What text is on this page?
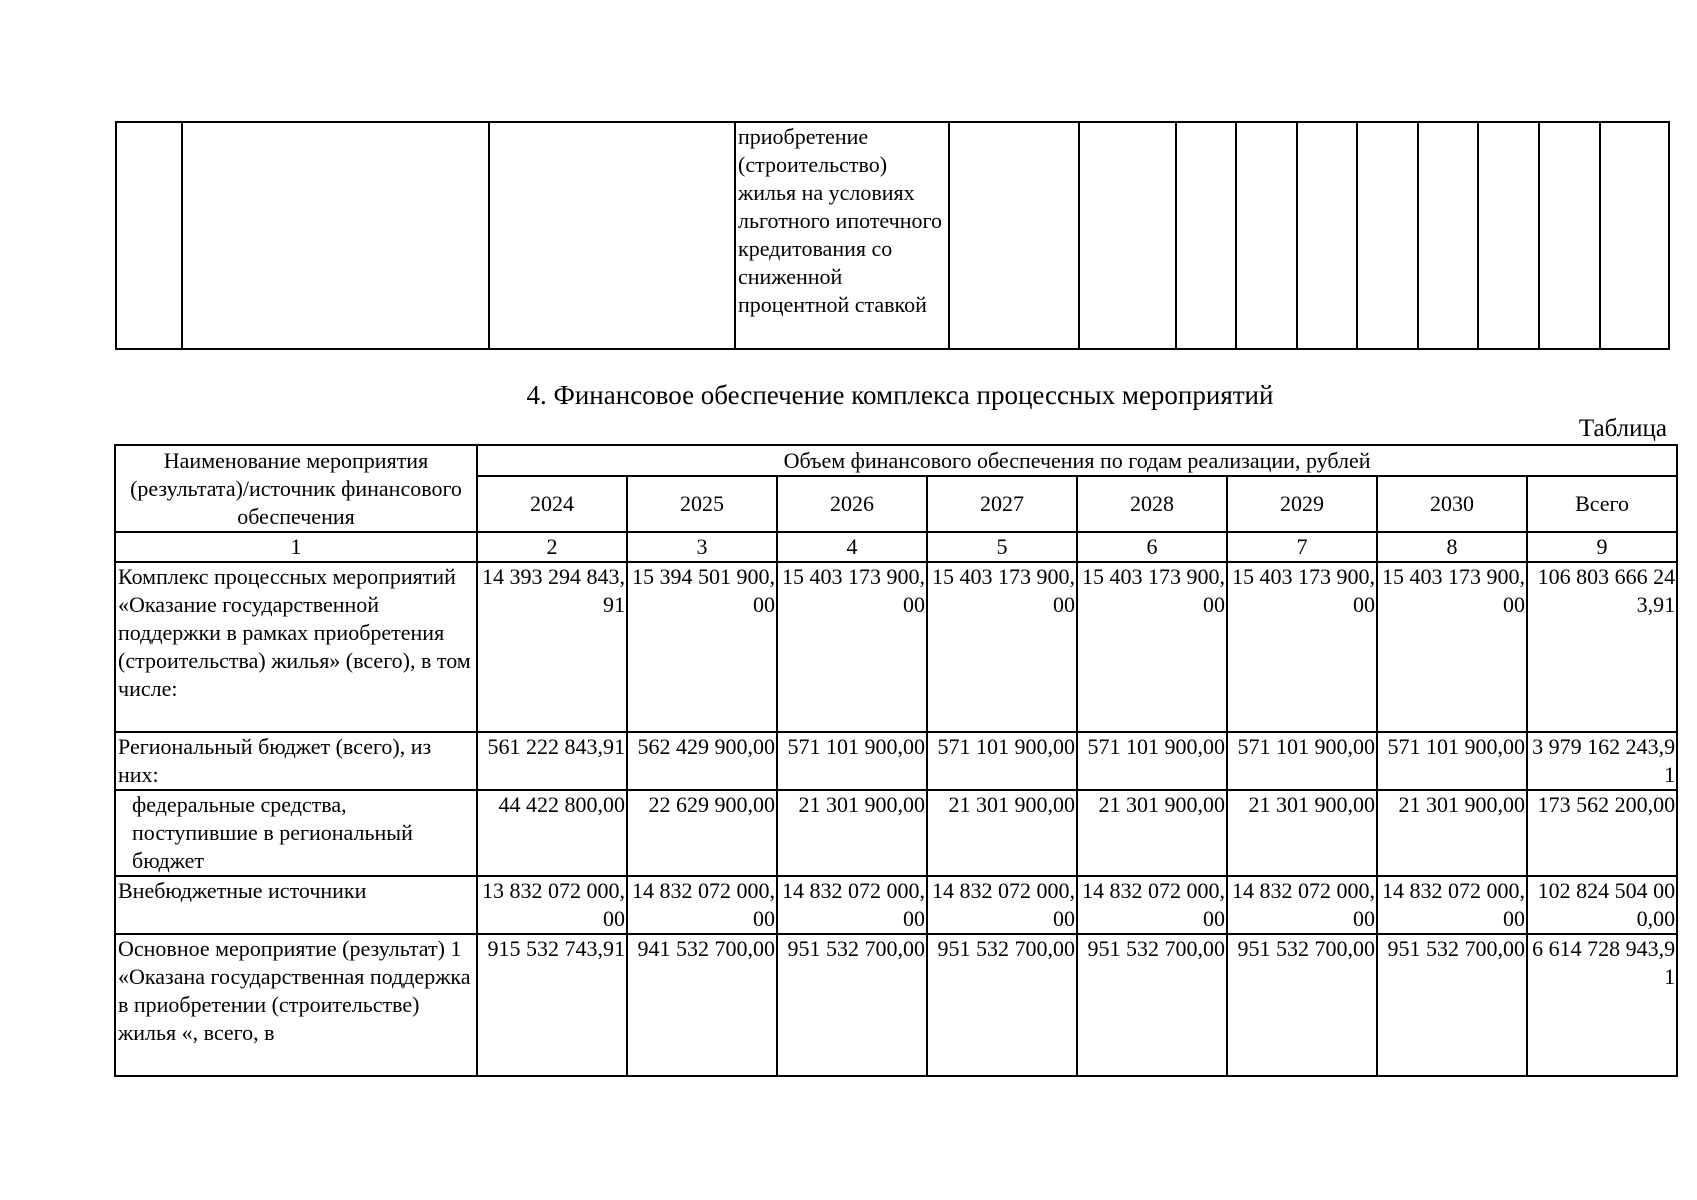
приобретение (строительство) жилья на условиях льготного ипотечного кредитования со сниженной процентной ставкой

4. Финансовое обеспечение комплекса процессных мероприятий
Таблица
Наименование мероприятия (результата)/источник финансового обеспечения	Объем финансового обеспечения по годам реализации, рублей							
	2024	2025	2026	2027	2028	2029	2030	Всего
1	2	3	4	5	6	7	8	9
Комплекс процессных мероприятий «Оказание государственной поддержки в рамках приобретения (строительства) жилья» (всего), в том числе:	14 393 294 843,91	15 394 501 900,00	15 403 173 900,00	15 403 173 900,00	15 403 173 900,00	15 403 173 900,00	15 403 173 900,00	106 803 666 243,91
Региональный бюджет (всего), из них:	561 222 843,91	562 429 900,00	571 101 900,00	571 101 900,00	571 101 900,00	571 101 900,00	571 101 900,00	3 979 162 243,91
федеральные средства, поступившие в региональный бюджет	44 422 800,00	22 629 900,00	21 301 900,00	21 301 900,00	21 301 900,00	21 301 900,00	21 301 900,00	173 562 200,00
Внебюджетные источники	13 832 072 000,00	14 832 072 000,00	14 832 072 000,00	14 832 072 000,00	14 832 072 000,00	14 832 072 000,00	14 832 072 000,00	102 824 504 000,00
Основное мероприятие (результат) 1 «Оказана государственная поддержка в приобретении (строительстве) жилья «, всего, в	915 532 743,91	941 532 700,00	951 532 700,00	951 532 700,00	951 532 700,00	951 532 700,00	951 532 700,00	6 614 728 943,91
